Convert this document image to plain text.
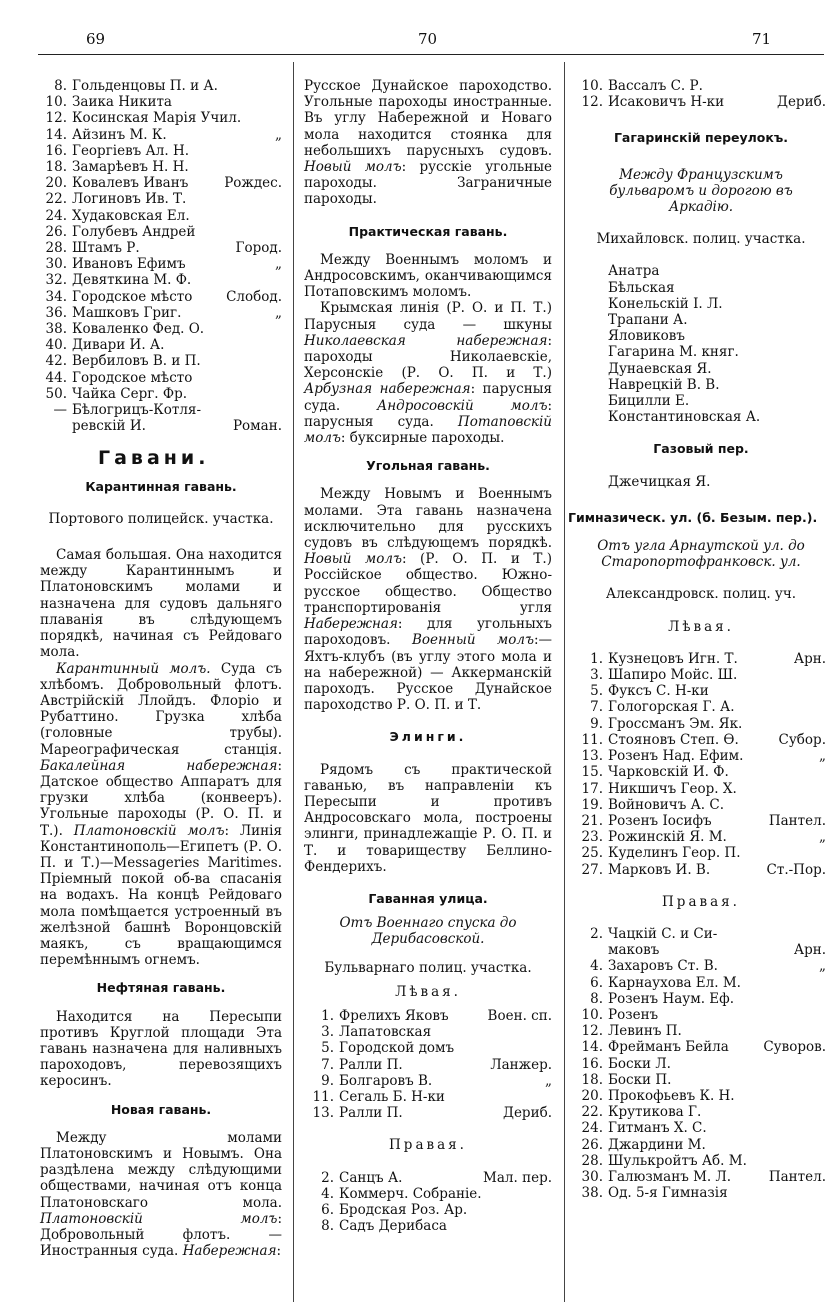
69	70	71
8. Гольденцовы П. и А.
10. Заика Никита
12. Косинская Марія Учил.
14. Айзинъ М. К.	„
16. Георгіевъ Ал. Н.
18. Замарѣевъ Н. Н.
20. Ковалевъ Иванъ	Рождес.
22. Логиновъ Ив. Т.
24. Худаковская Ел.
26. Голубевъ Андрей
28. Штамъ Р.	Город.
30. Ивановъ Ефимъ	„
32. Девяткина М. Ф.
34. Городское мѣсто	Слобод.
36. Машковъ Григ.	„
38. Коваленко Фед. О.
40. Дивари И. А.
42. Вербиловъ В. и П.
44. Городское мѣсто
50. Чайка Серг. Фр.
— Бѣлогрицъ-Котля-
ревскій И.	Роман.

Гавани.

Карантинная гавань.

Портового полицейск. участка.

Самая большая. Она находится между Карантиннымъ и Платоновскимъ молами и назначена для судовъ дальняго плаванія въ слѣдующемъ порядкѣ, начиная съ Рейдоваго мола.

Карантинный молъ. Суда съ хлѣбомъ. Добровольный флотъ. Австрійскій Ллойдъ. Флоріо и Рубаттино. Грузка хлѣба (головные трубы). Мареографическая станція. Бакалейная набережная: Датское общество Аппаратъ для грузки хлѣба (конвееръ). Угольные пароходы (Р. О. П. и Т.). Платоновскій молъ: Линія Константинополь—Египетъ (Р. О. П. и Т.)—Messageries Maritimes. Пріемный покой об-ва спасанія на водахъ. На концѣ Рейдоваго мола помѣщается устроенный въ желѣзной башнѣ Воронцовскій маякъ, съ вращающимся перемѣннымъ огнемъ.

Нефтяная гавань.

Находится на Пересыпи противъ Круглой площади Эта гавань назначена для наливныхъ пароходовъ, перевозящихъ керосинъ.

Новая гавань.

Между молами Платоновскимъ и Новымъ. Она раздѣлена между слѣдующими обществами, начиная отъ конца Платоновскаго мола. Платоновскій молъ: Добровольный флотъ. — Иностранныя суда. Набережная:

Русское Дунайское пароходство. Угольные пароходы иностранные. Въ углу Набережной и Новаго мола находится стоянка для небольшихъ парусныхъ судовъ. Новый молъ: русскіе угольные пароходы. Заграничные пароходы.

Практическая гавань.

Между Военнымъ моломъ и Андросовскимъ, оканчивающимся Потаповскимъ моломъ.

Крымская линія (Р. О. и П. Т.) Парусныя суда — шкуны Николаевская набережная: пароходы Николаевскіе, Херсонскіе (Р. О. П. и Т.) Арбузная набережная: парусныя суда. Андросовскій молъ: парусныя суда. Потаповскій молъ: буксирные пароходы.

Угольная гавань.

Между Новымъ и Военнымъ молами. Эта гавань назначена исключительно для русскихъ судовъ въ слѣдующемъ порядкѣ. Новый молъ: (Р. О. П. и Т.) Россійское общество. Южно-русское общество. Общество транспортированія угля Набережная: для угольныхъ пароходовъ. Военный молъ:—Яхтъ-клубъ (въ углу этого мола и на набережной) — Аккерманскій пароходъ. Русское Дунайское пароходство Р. О. П. и Т.

Элинги.

Рядомъ съ практической гаванью, въ направленіи къ Пересыпи и противъ Андросовскаго мола, построены элинги, принадлежащіе Р. О. П. и Т. и товариществу Беллино-Фендерихъ.

Гаванная улица.

Отъ Военнаго спуска до Дерибасовской.

Бульварнаго полиц. участка.

Лѣвая.

1. Фрелихъ Яковъ	Воен. сп.
3. Лапатовская
5. Городской домъ
7. Ралли П.	Ланжер.
9. Болгаровъ В.	„
11. Сегаль Б. Н-ки
13. Ралли П.	Дериб.

Правая.

2. Санцъ А.	Мал. пер.
4. Коммерч. Собраніе.
6. Бродская Роз. Ар.
8. Садъ Дерибаса
10. Вассалъ С. Р.
12. Исаковичъ Н-ки	Дериб.

Гагаринскій переулокъ.

Между Французскимъ бульваромъ и дорогою въ Аркадію.

Михайловск. полиц. участка.

Анатра
Бѣльская
Конельскій І. Л.
Трапани А.
Яловиковъ
Гагарина М. княг.
Дунаевская Я.
Наврецкій В. В.
Бицилли Е.
Константиновская А.

Газовый пер.

Джечицкая Я.

Гимназическ. ул. (б. Безым. пер.).

Отъ угла Арнаутской ул. до Старопортофранковск. ул.

Александровск. полиц. уч.

Лѣвая.

1. Кузнецовъ Игн. Т.	Арн.
3. Шапиро Мойс. Ш.
5. Фуксъ С. Н-ки
7. Гологорская Г. А.
9. Гроссманъ Эм. Як.
11. Стояновъ Степ. Ѳ.	Субор.
13. Розенъ Над. Ефим.	„
15. Чарковскій И. Ф.
17. Никшичъ Геор. Х.
19. Войновичъ А. С.
21. Розенъ Іосифъ	Пантел.
23. Рожинскій Я. М.	„
25. Куделинъ Геор. П.
27. Марковъ И. В.	Ст.-Пор.

Правая.

2. Чацкій С. и Си-
маковъ	Арн.
4. Захаровъ Ст. В.	„
6. Карнаухова Ел. М.
8. Розенъ Наум. Еф.
10. Розенъ
12. Левинъ П.
14. Фрейманъ Бейла	Суворов.
16. Боски Л.
18. Боски П.
20. Прокофьевъ К. Н.
22. Крутикова Г.
24. Гитманъ Х. С.
26. Джардини М.
28. Шулькройтъ Аб. М.
30. Галюзманъ М. Л.	Пантел.
38. Од. 5-я Гимназія
